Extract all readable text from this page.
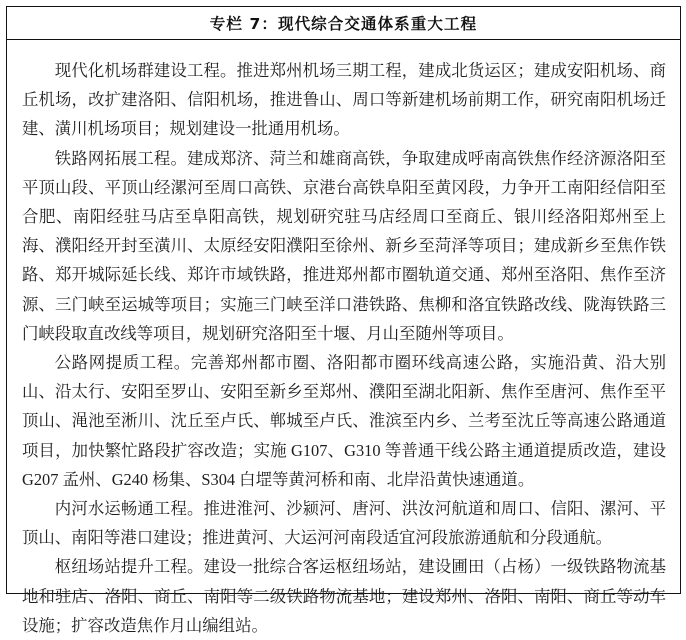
专栏 7：现代综合交通体系重大工程

现代化机场群建设工程。推进郑州机场三期工程，建成北货运区；建成安阳机场、商丘机场，改扩建洛阳、信阳机场，推进鲁山、周口等新建机场前期工作，研究南阳机场迁建、潢川机场项目；规划建设一批通用机场。

铁路网拓展工程。建成郑济、菏兰和雄商高铁，争取建成呼南高铁焦作经济源洛阳至平顶山段、平顶山经漯河至周口高铁、京港台高铁阜阳至黄冈段，力争开工南阳经信阳至合肥、南阳经驻马店至阜阳高铁，规划研究驻马店经周口至商丘、银川经洛阳郑州至上海、濮阳经开封至潢川、太原经安阳濮阳至徐州、新乡至菏泽等项目；建成新乡至焦作铁路、郑开城际延长线、郑许市域铁路，推进郑州都市圈轨道交通、郑州至洛阳、焦作至济源、三门峡至运城等项目；实施三门峡至洋口港铁路、焦柳和洛宜铁路改线、陇海铁路三门峡段取直改线等项目，规划研究洛阳至十堰、月山至随州等项目。

公路网提质工程。完善郑州都市圈、洛阳都市圈环线高速公路，实施沿黄、沿大别山、沿太行、安阳至罗山、安阳至新乡至郑州、濮阳至湖北阳新、焦作至唐河、焦作至平顶山、渑池至淅川、沈丘至卢氏、郸城至卢氏、淮滨至内乡、兰考至沈丘等高速公路通道项目，加快繁忙路段扩容改造；实施 G107、G310 等普通干线公路主通道提质改造，建设 G207 孟州、G240 杨集、S304 白堽等黄河桥和南、北岸沿黄快速通道。

内河水运畅通工程。推进淮河、沙颍河、唐河、洪汝河航道和周口、信阳、漯河、平顶山、南阳等港口建设；推进黄河、大运河河南段适宜河段旅游通航和分段通航。

枢纽场站提升工程。建设一批综合客运枢纽场站，建设圃田（占杨）一级铁路物流基地和驻店、洛阳、商丘、南阳等二级铁路物流基地；建设郑州、洛阳、南阳、商丘等动车设施；扩容改造焦作月山编组站。
